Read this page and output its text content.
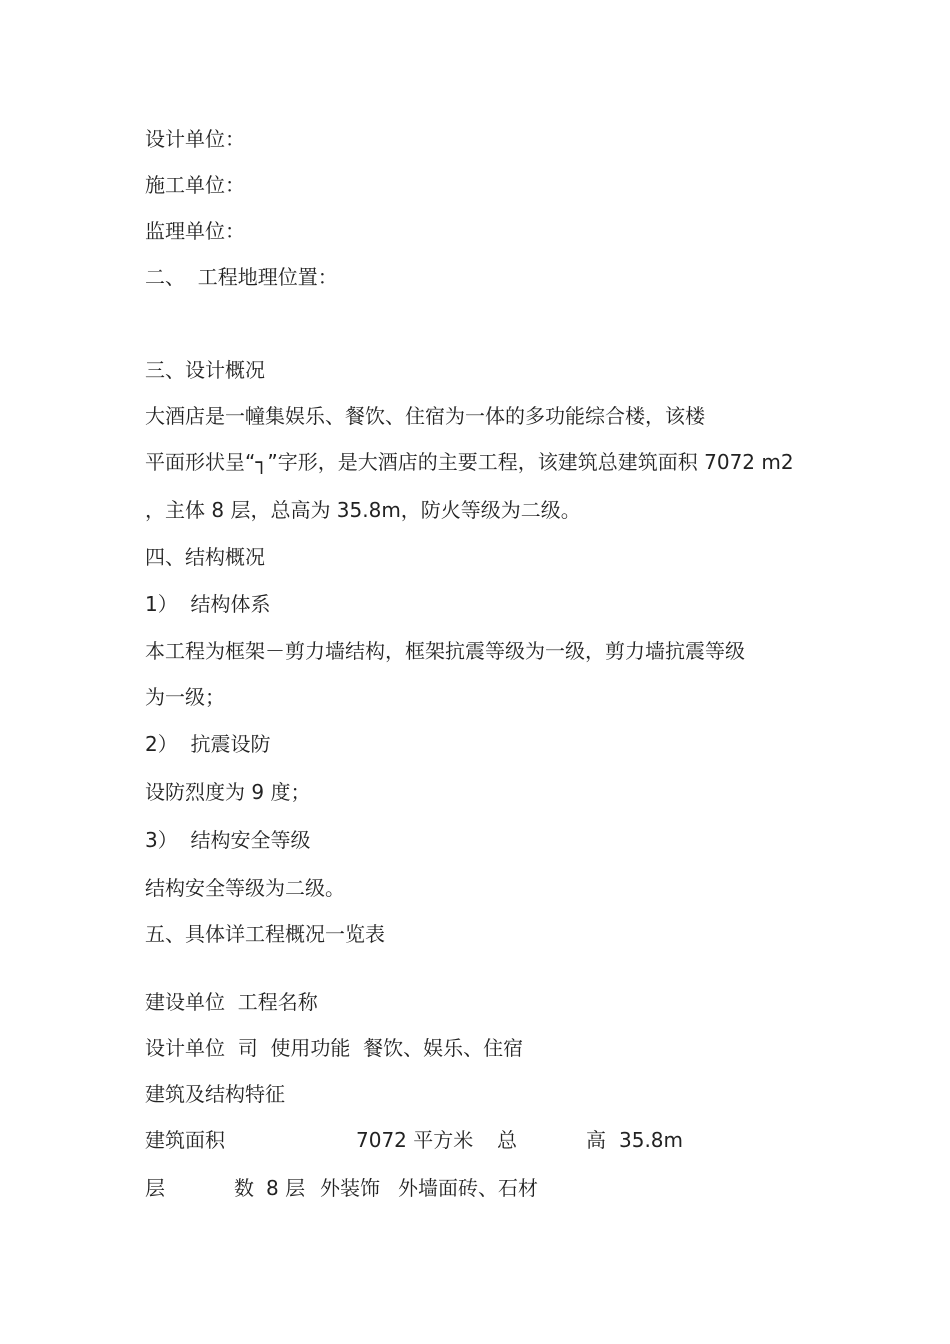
设计单位：
施工单位：
监理单位：
二、  工程地理位置：
三、设计概况
大酒店是一幢集娱乐、餐饮、住宿为一体的多功能综合楼，该楼
平面形状呈“┐”字形，是大酒店的主要工程，该建筑总建筑面积 7072 m2
，主体 8 层，总高为 35.8m，防火等级为二级。
四、结构概况
1）  结构体系
本工程为框架－剪力墙结构，框架抗震等级为一级，剪力墙抗震等级
为一级；
2）  抗震设防
设防烈度为 9 度；
3）  结构安全等级
结构安全等级为二级。
五、具体详工程概况一览表
建设单位  工程名称
设计单位  司  使用功能  餐饮、娱乐、住宿
建筑及结构特征
建筑面积	7072 平方米 总	高 35.8m
层	数 8 层 外装饰 外墙面砖、石材
